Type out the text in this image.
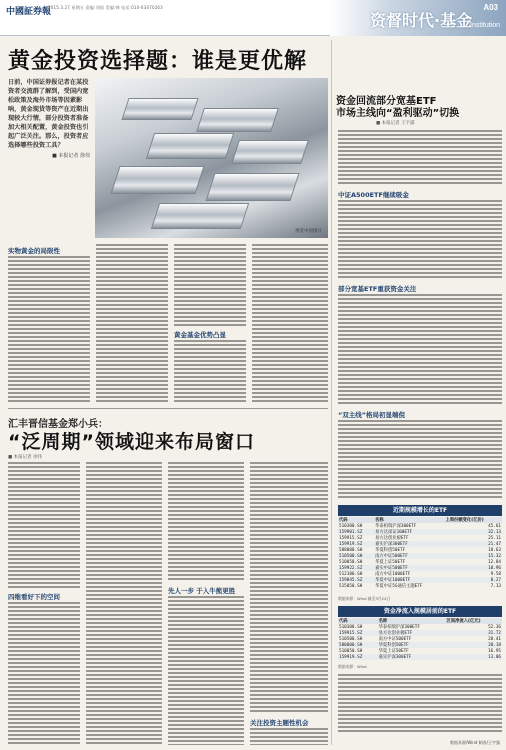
中國証券報
2015.3.27 星期五 责编:刘国 美编:韩 电话:010-63070263
资督时代·基金
A03
Institution
黄金投资选择题：谁是更优解
日前，中国证券报记者在某投资者交流群了解到，受国内宽松政策及海外市场等因素影响，黄金现货等资产在近期出现较大行情，部分投资者准备加大相关配置，黄金投资也引起广泛关注。那么，投资者应选择哪些投资工具？
■ 本报记者 徐伟
视觉中国图片
实物黄金的局限性
黄金基金优势凸显
汇丰晋信基金郑小兵：
“泛周期”领域迎来布局窗口
■ 本报记者 徐伟
四维看好下的空间
先人一步 于入牛熊更胜
关注投资主题性机会
资金回流部分宽基ETF
市场主线向“盈利驱动”切换
■ 本报记者 王宇露
中证A500ETF继续吸金
部分宽基ETF重获资金关注
“双主线”格局初显端倪
近期规模增长的ETF
代码	名称	上周份额变化(亿份)
510300.SH	华泰柏瑞沪深300ETF	45.61
159901.SZ	易方达深证100ETF	32.13
159915.SZ	易方达创业板ETF	25.11
159919.SZ	嘉实沪深300ETF	21.47
588000.SH	华夏科创50ETF	18.63
510500.SH	南方中证500ETF	15.32
510050.SH	华夏上证50ETF	12.84
159922.SZ	嘉实中证500ETF	10.96
512100.SH	南方中证1000ETF	9.58
159845.SZ	华夏中证1000ETF	8.27
515050.SH	华夏中证5G通信主题ETF	7.13
数据来源：Wind 截至3月24日
资金净流入规模居前的ETF
代码	名称	区间净流入(亿元)
510300.SH	华泰柏瑞沪深300ETF	52.36
159915.SZ	易方达创业板ETF	31.72
510500.SH	南方中证500ETF	28.41
588000.SH	华夏科创50ETF	20.18
510050.SH	华夏上证50ETF	16.95
159919.SZ	嘉实沪深300ETF	13.06
数据来源：Wind
数据来源/Wind 制表/王宇露
